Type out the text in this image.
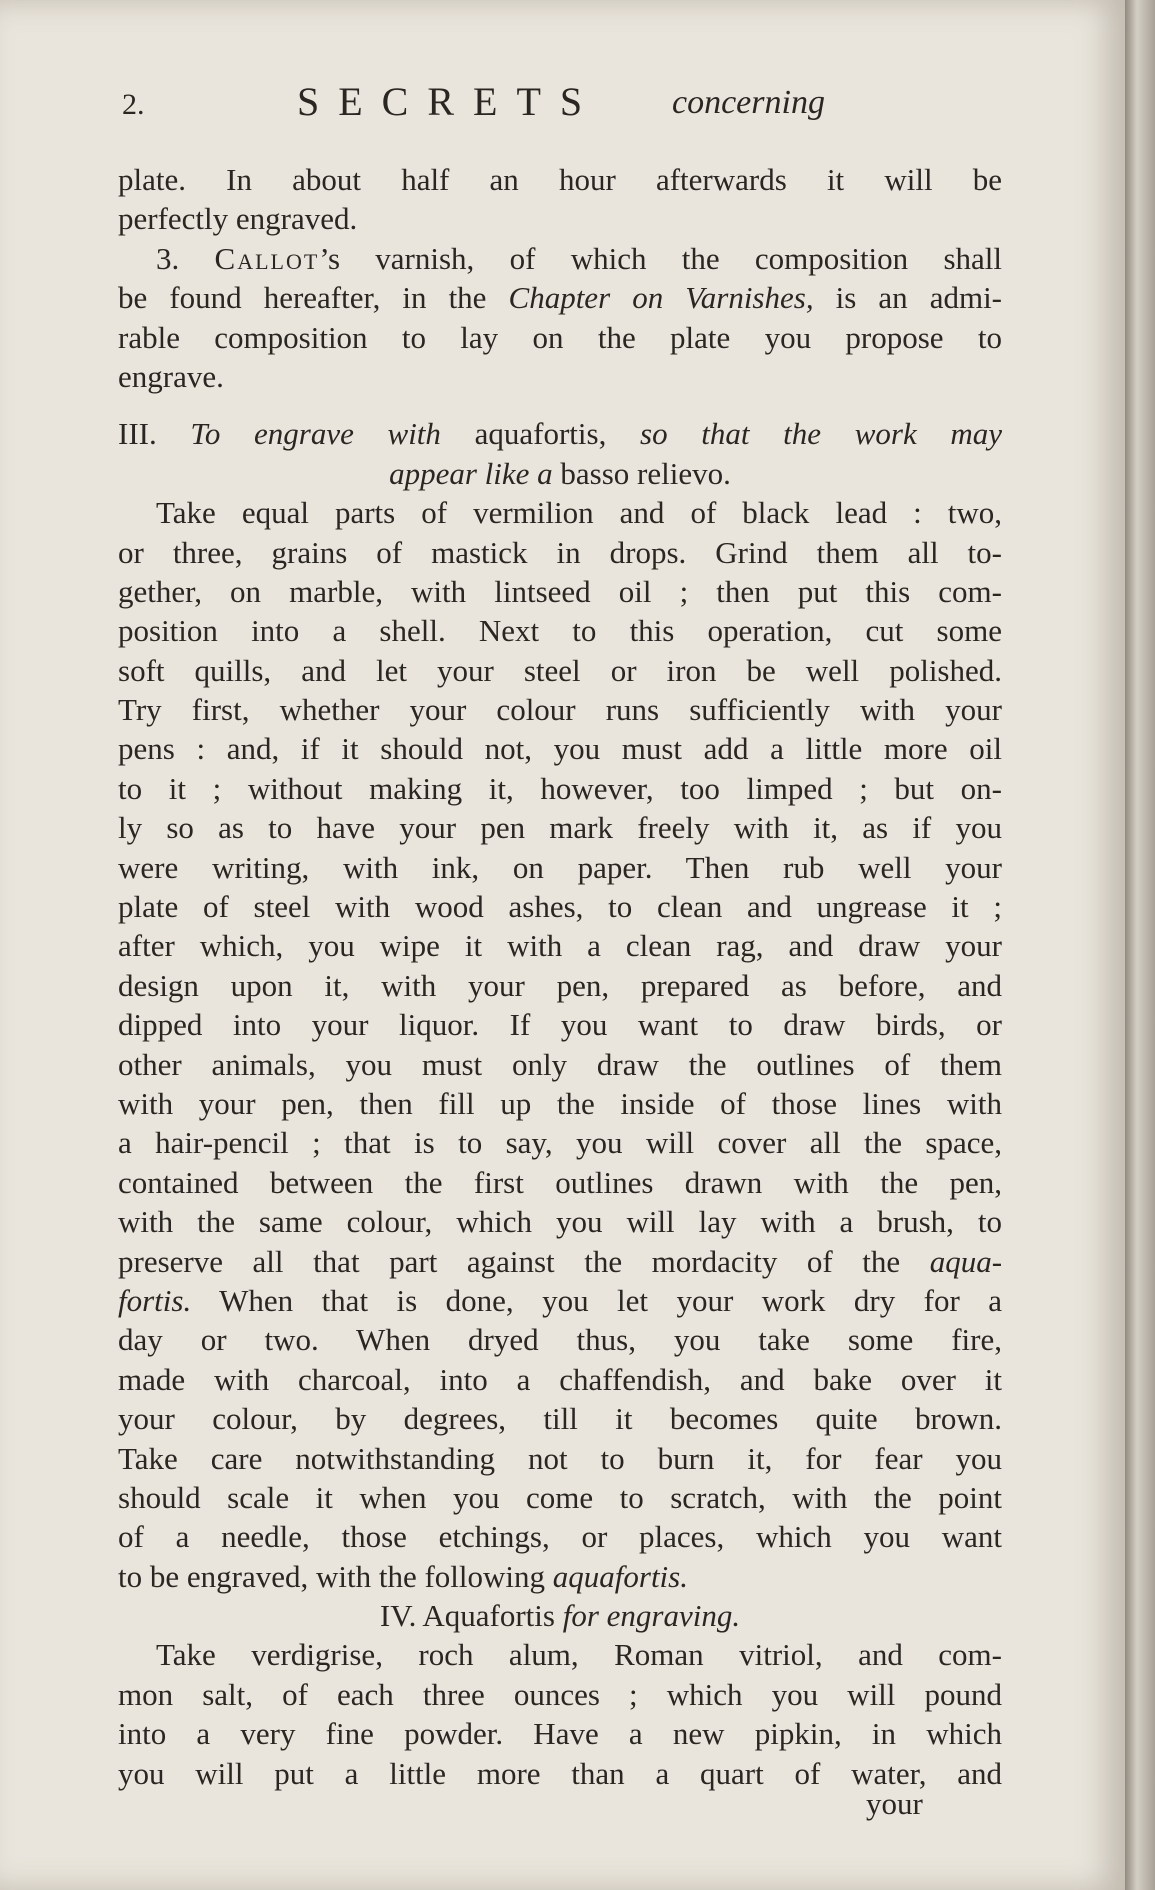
2.	SECRETS concerning
plate. In about half an hour afterwards it will be
perfectly engraved.
3. Callot’s varnish, of which the composition shall
be found hereafter, in the Chapter on Varnishes, is an admi-
rable composition to lay on the plate you propose to
engrave.
III. To engrave with aquafortis, so that the work may
appear like a basso relievo.
Take equal parts of vermilion and of black lead : two,
or three, grains of mastick in drops. Grind them all to-
gether, on marble, with lintseed oil ; then put this com-
position into a shell. Next to this operation, cut some
soft quills, and let your steel or iron be well polished.
Try first, whether your colour runs sufficiently with your
pens : and, if it should not, you must add a little more oil
to it ; without making it, however, too limped ; but on-
ly so as to have your pen mark freely with it, as if you
were writing, with ink, on paper. Then rub well your
plate of steel with wood ashes, to clean and ungrease it ;
after which, you wipe it with a clean rag, and draw your
design upon it, with your pen, prepared as before, and
dipped into your liquor. If you want to draw birds, or
other animals, you must only draw the outlines of them
with your pen, then fill up the inside of those lines with
a hair-pencil ; that is to say, you will cover all the space,
contained between the first outlines drawn with the pen,
with the same colour, which you will lay with a brush, to
preserve all that part against the mordacity of the aqua-
fortis. When that is done, you let your work dry for a
day or two. When dryed thus, you take some fire,
made with charcoal, into a chaffendish, and bake over it
your colour, by degrees, till it becomes quite brown.
Take care notwithstanding not to burn it, for fear you
should scale it when you come to scratch, with the point
of a needle, those etchings, or places, which you want
to be engraved, with the following aquafortis.
IV. Aquafortis for engraving.
Take verdigrise, roch alum, Roman vitriol, and com-
mon salt, of each three ounces ; which you will pound
into a very fine powder. Have a new pipkin, in which
you will put a little more than a quart of water, and
your
